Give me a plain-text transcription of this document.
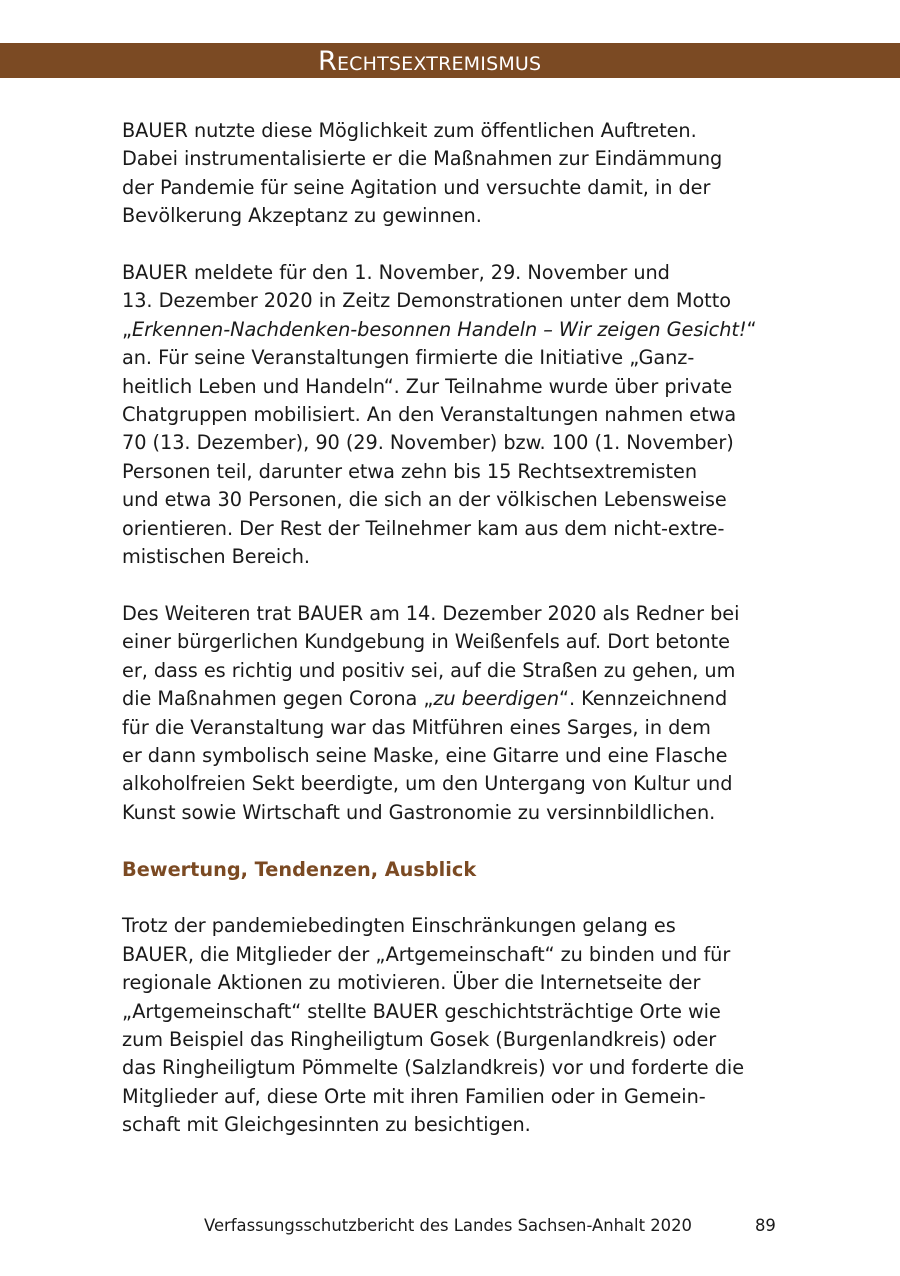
Rechtsextremismus

BAUER nutzte diese Möglichkeit zum öffentlichen Auftreten.
Dabei instrumentalisierte er die Maßnahmen zur Eindämmung
der Pandemie für seine Agitation und versuchte damit, in der
Bevölkerung Akzeptanz zu gewinnen.

BAUER meldete für den 1. November, 29. November und
13. Dezember 2020 in Zeitz Demonstrationen unter dem Motto
„Erkennen-Nachdenken-besonnen Handeln – Wir zeigen Gesicht!“
an. Für seine Veranstaltungen firmierte die Initiative „Ganz-
heitlich Leben und Handeln“. Zur Teilnahme wurde über private
Chatgruppen mobilisiert. An den Veranstaltungen nahmen etwa
70 (13. Dezember), 90 (29. November) bzw. 100 (1. November)
Personen teil, darunter etwa zehn bis 15 Rechtsextremisten
und etwa 30 Personen, die sich an der völkischen Lebensweise
orientieren. Der Rest der Teilnehmer kam aus dem nicht-extre-
mistischen Bereich.

Des Weiteren trat BAUER am 14. Dezember 2020 als Redner bei
einer bürgerlichen Kundgebung in Weißenfels auf. Dort betonte
er, dass es richtig und positiv sei, auf die Straßen zu gehen, um
die Maßnahmen gegen Corona „zu beerdigen“. Kennzeichnend
für die Veranstaltung war das Mitführen eines Sarges, in dem
er dann symbolisch seine Maske, eine Gitarre und eine Flasche
alkoholfreien Sekt beerdigte, um den Untergang von Kultur und
Kunst sowie Wirtschaft und Gastronomie zu versinnbildlichen.

Bewertung, Tendenzen, Ausblick

Trotz der pandemiebedingten Einschränkungen gelang es
BAUER, die Mitglieder der „Artgemeinschaft“ zu binden und für
regionale Aktionen zu motivieren. Über die Internetseite der
„Artgemeinschaft“ stellte BAUER geschichtsträchtige Orte wie
zum Beispiel das Ringheiligtum Gosek (Burgenlandkreis) oder
das Ringheiligtum Pömmelte (Salzlandkreis) vor und forderte die
Mitglieder auf, diese Orte mit ihren Familien oder in Gemein-
schaft mit Gleichgesinnten zu besichtigen.

Verfassungsschutzbericht des Landes Sachsen-Anhalt 2020	89
